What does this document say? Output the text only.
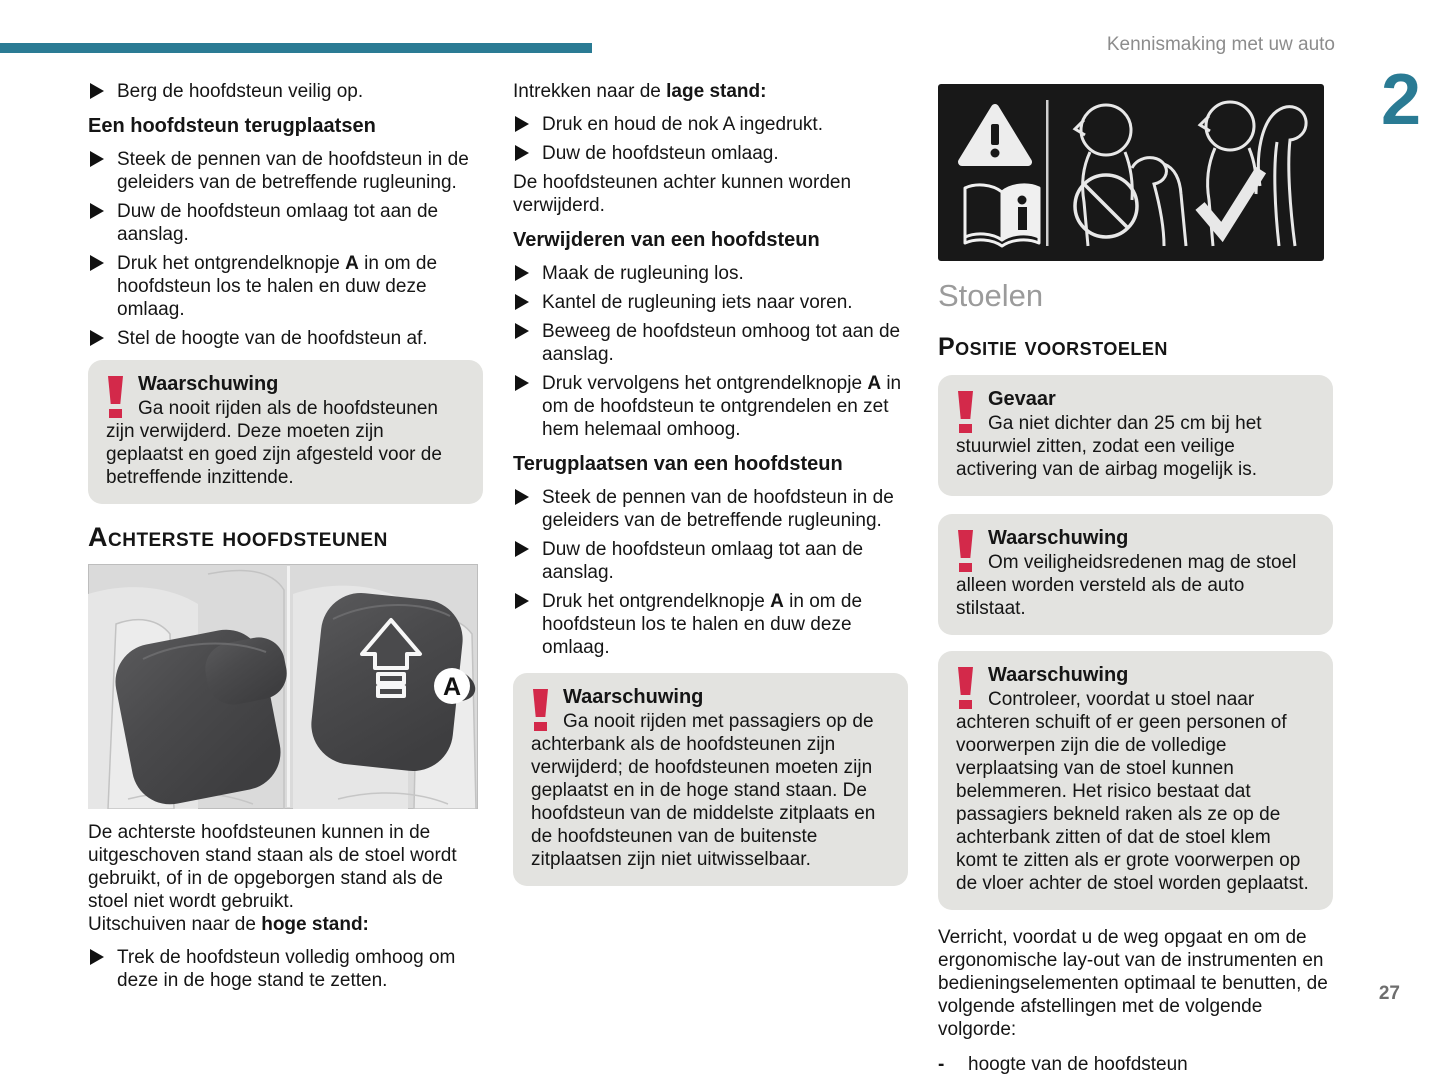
Kennismaking met uw auto
2
27

Berg de hoofdsteun veilig op.

Een hoofdsteun terugplaatsen

Steek de pennen van de hoofdsteun in de geleiders van de betreffende rugleuning.

Duw de hoofdsteun omlaag tot aan de aanslag.

Druk het ontgrendelknopje A in om de hoofdsteun los te halen en duw deze omlaag.

Stel de hoogte van de hoofdsteun af.

Waarschuwing

Ga nooit rijden als de hoofdsteunen zijn verwijderd. Deze moeten zijn geplaatst en goed zijn afgesteld voor de betreffende inzittende.

Achterste hoofdsteunen
A

De achterste hoofdsteunen kunnen in de uitgeschoven stand staan als de stoel wordt gebruikt, of in de opgeborgen stand als de stoel niet wordt gebruikt.

Uitschuiven naar de hoge stand:

Trek de hoofdsteun volledig omhoog om deze in de hoge stand te zetten.

Intrekken naar de lage stand:

Druk en houd de nok A ingedrukt.

Duw de hoofdsteun omlaag.

De hoofdsteunen achter kunnen worden verwijderd.

Verwijderen van een hoofdsteun

Maak de rugleuning los.

Kantel de rugleuning iets naar voren.

Beweeg de hoofdsteun omhoog tot aan de aanslag.

Druk vervolgens het ontgrendelknopje A in om de hoofdsteun te ontgrendelen en zet hem helemaal omhoog.

Terugplaatsen van een hoofdsteun

Steek de pennen van de hoofdsteun in de geleiders van de betreffende rugleuning.

Duw de hoofdsteun omlaag tot aan de aanslag.

Druk het ontgrendelknopje A in om de hoofdsteun los te halen en duw deze omlaag.

Waarschuwing

Ga nooit rijden met passagiers op de achterbank als de hoofdsteunen zijn verwijderd; de hoofdsteunen moeten zijn geplaatst en in de hoge stand staan. De hoofdsteun van de middelste zitplaats en de hoofdsteunen van de buitenste zitplaatsen zijn niet uitwisselbaar.

Stoelen
Positie voorstoelen

Gevaar

Ga niet dichter dan 25 cm bij het stuurwiel zitten, zodat een veilige activering van de airbag mogelijk is.

Waarschuwing

Om veiligheidsredenen mag de stoel alleen worden versteld als de auto stilstaat.

Waarschuwing

Controleer, voordat u stoel naar achteren schuift of er geen personen of voorwerpen zijn die de volledige verplaatsing van de stoel kunnen belemmeren. Het risico bestaat dat passagiers bekneld raken als ze op de achterbank zitten of dat de stoel klem komt te zitten als er grote voorwerpen op de vloer achter de stoel worden geplaatst.

Verricht, voordat u de weg opgaat en om de ergonomische lay-out van de instrumenten en bedieningselementen optimaal te benutten, de volgende afstellingen met de volgende volgorde:

-	hoogte van de hoofdsteun
